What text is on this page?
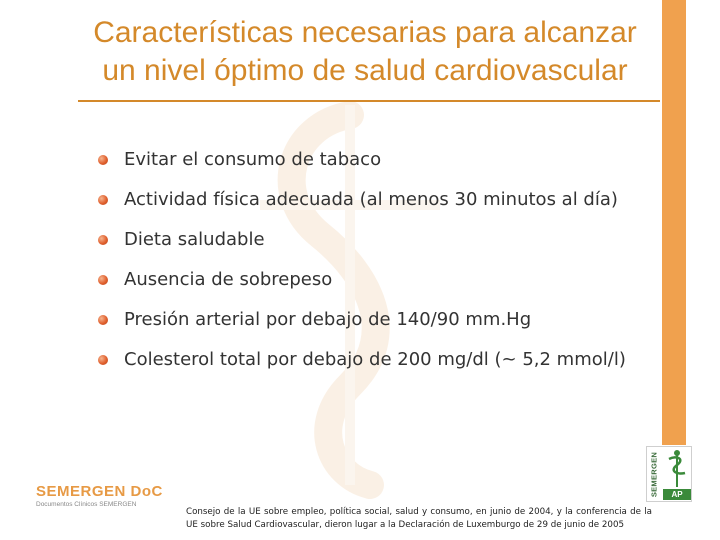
Características necesarias para alcanzar
un nivel óptimo de salud cardiovascular
Evitar el consumo de tabaco
Actividad física adecuada (al menos 30 minutos al día)
Dieta saludable
Ausencia de sobrepeso
Presión arterial por debajo de 140/90 mm.Hg
Colesterol total por debajo de 200 mg/dl (~ 5,2 mmol/l)
SEMERGEN DoC
Documentos Clínicos SEMERGEN
Consejo de la UE sobre empleo, política social, salud y consumo, en junio de 2004, y la conferencia de la UE sobre Salud Cardiovascular, dieron lugar a la Declaración de Luxemburgo de 29 de junio de 2005
SEMERGEN	AP
